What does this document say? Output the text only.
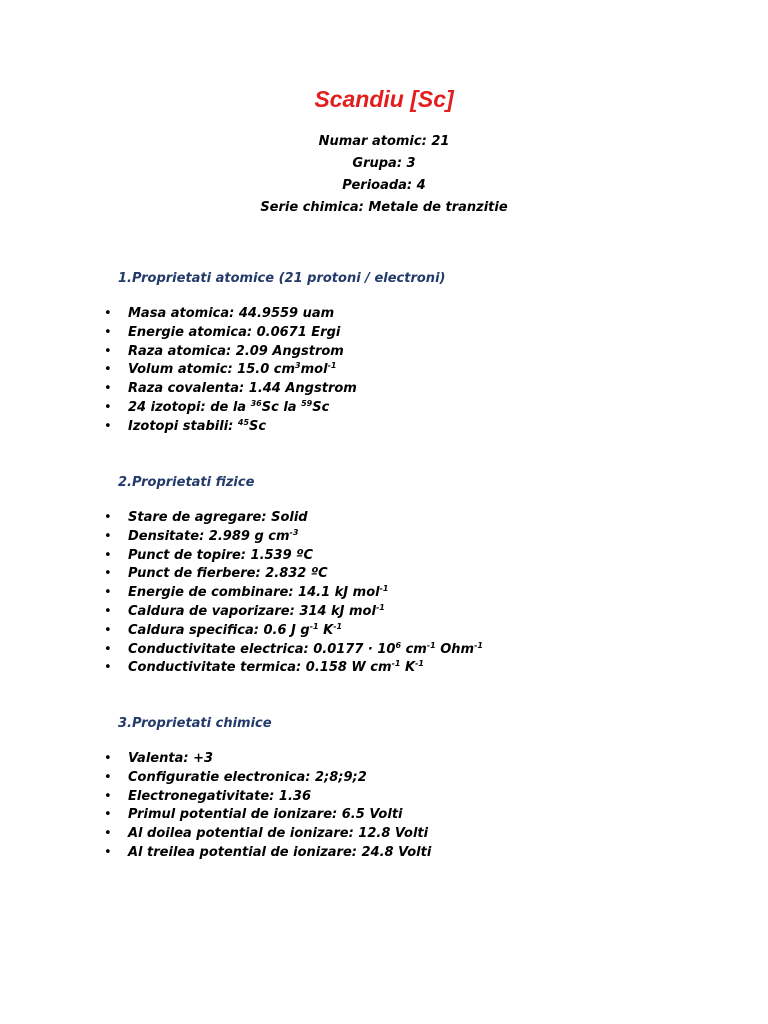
Scandiu [Sc]
Numar atomic: 21
Grupa: 3
Perioada: 4
Serie chimica: Metale de tranzitie
1.Proprietati atomice (21 protoni / electroni)
• Masa atomica: 44.9559 uam
• Energie atomica: 0.0671 Ergi
• Raza atomica: 2.09 Angstrom
• Volum atomic: 15.0 $cm^3mol^{-1}$
• Raza covalenta: 1.44 Angstrom
• 24 izotopi: de la $^{36}$Sc la $^{59}$Sc
• Izotopi stabili: $^{45}$Sc
2.Proprietati fizice
• Stare de agregare: Solid
• Densitate: 2.989 g $cm^{-3}$
• Punct de topire: 1.539 ºC
• Punct de fierbere: 2.832 ºC
• Energie de combinare: 14.1 kJ mol$^{-1}$
• Caldura de vaporizare: 314 kJ mol$^{-1}$
• Caldura specifica: 0.6 J $g^{-1}$ $K^{-1}$
• Conductivitate electrica: $0.0177 \cdot 10^6$ $cm^{-1}$ Ohm$^{-1}$
• Conductivitate termica: 0.158 W $cm^{-1}$ $K^{-1}$
3.Proprietati chimice
• Valenta: +3
• Configuratie electronica: 2;8;9;2
• Electronegativitate: 1.36
• Primul potential de ionizare: 6.5 Volti
• Al doilea potential de ionizare: 12.8 Volti
• Al treilea potential de ionizare: 24.8 Volti
